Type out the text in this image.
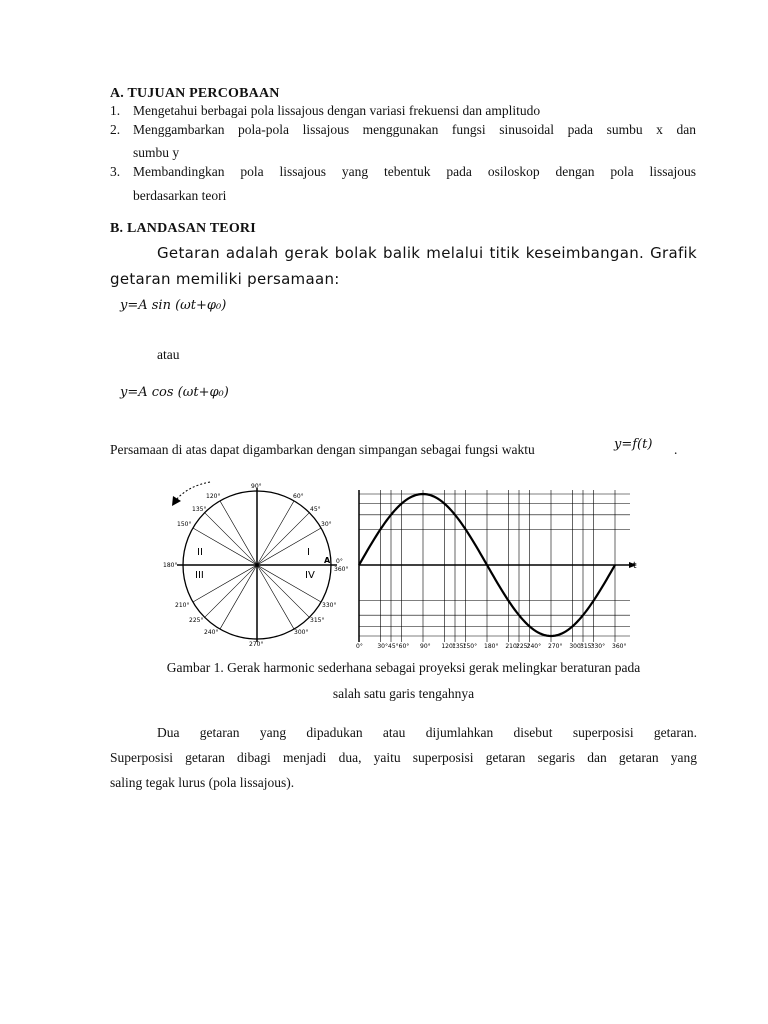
A. TUJUAN PERCOBAAN
1. Mengetahui berbagai pola lissajous dengan variasi frekuensi dan amplitudo
2. Menggambarkan pola-pola lissajous menggunakan fungsi sinusoidal pada sumbu x dan
sumbu y
3. Membandingkan pola lissajous yang tebentuk pada osiloskop dengan pola lissajous
berdasarkan teori
B. LANDASAN TEORI
Getaran adalah gerak bolak balik melalui titik keseimbangan. Grafik
getaran memiliki persamaan:
y=A sin (ωt+φ₀)
atau
y=A cos (ωt+φ₀)
Persamaan di atas dapat digambarkan dengan simpangan sebagai fungsi waktu	y=f(t) .
90°
60°
45°
30°
120°
135°
150°
180°
0°
360°
210°
225°
240°
270°
300°
315°
330°
A
II	I
III	IV
t
0° 30° 45° 60° 90° 120°
135°
150° 180° 210°
225°
240° 270° 300°
315°
330° 360°
Gambar 1. Gerak harmonic sederhana sebagai proyeksi gerak melingkar beraturan pada
salah satu garis tengahnya
Dua getaran yang dipadukan atau dijumlahkan disebut superposisi getaran.
Superposisi getaran dibagi menjadi dua, yaitu superposisi getaran segaris dan getaran yang
saling tegak lurus (pola lissajous).
